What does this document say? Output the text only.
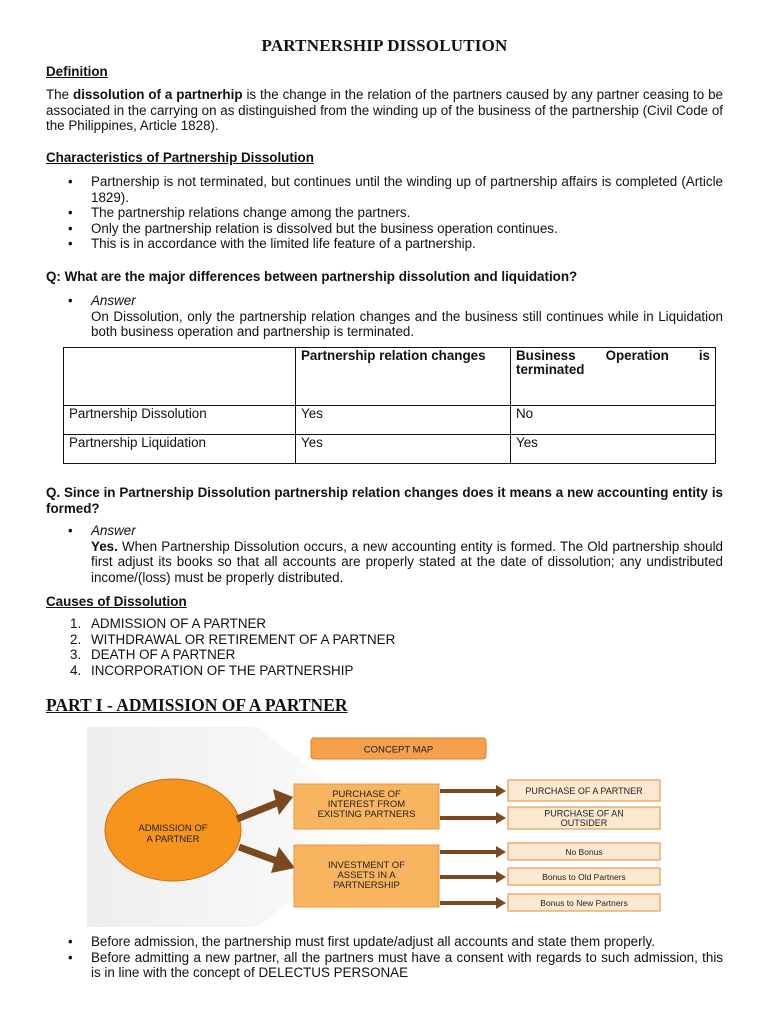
PARTNERSHIP DISSOLUTION
Definition
The dissolution of a partnerhip is the change in the relation of the partners caused by any partner ceasing to be associated in the carrying on as distinguished from the winding up of the business of the partnership (Civil Code of the Philippines, Article 1828).
Characteristics of Partnership Dissolution
• Partnership is not terminated, but continues until the winding up of partnership affairs is completed (Article 1829).
• The partnership relations change among the partners.
• Only the partnership relation is dissolved but the business operation continues.
• This is in accordance with the limited life feature of a partnership.
Q: What are the major differences between partnership dissolution and liquidation?
• Answer
On Dissolution, only the partnership relation changes and the business still continues while in Liquidation both business operation and partnership is terminated.
	Partnership relation changes	Business Operation is terminated
Partnership Dissolution	Yes	No
Partnership Liquidation	Yes	Yes
Q. Since in Partnership Dissolution partnership relation changes does it means a new accounting entity is formed?
• Answer
Yes. When Partnership Dissolution occurs, a new accounting entity is formed. The Old partnership should first adjust its books so that all accounts are properly stated at the date of dissolution; any undistributed income/(loss) must be properly distributed.
Causes of Dissolution
1. ADMISSION OF A PARTNER
2. WITHDRAWAL OR RETIREMENT OF A PARTNER
3. DEATH OF A PARTNER
4. INCORPORATION OF THE PARTNERSHIP
PART I - ADMISSION OF A PARTNER
CONCEPT MAP
ADMISSION OF
A PARTNER
PURCHASE OF
INTEREST FROM
EXISTING PARTNERS
INVESTMENT OF
ASSETS IN A
PARTNERSHIP
PURCHASE OF A PARTNER
PURCHASE OF AN
OUTSIDER
No Bonus
Bonus to Old Partners
Bonus to New Partners
• Before admission, the partnership must first update/adjust all accounts and state them properly.
• Before admitting a new partner, all the partners must have a consent with regards to such admission, this is in line with the concept of DELECTUS PERSONAE
